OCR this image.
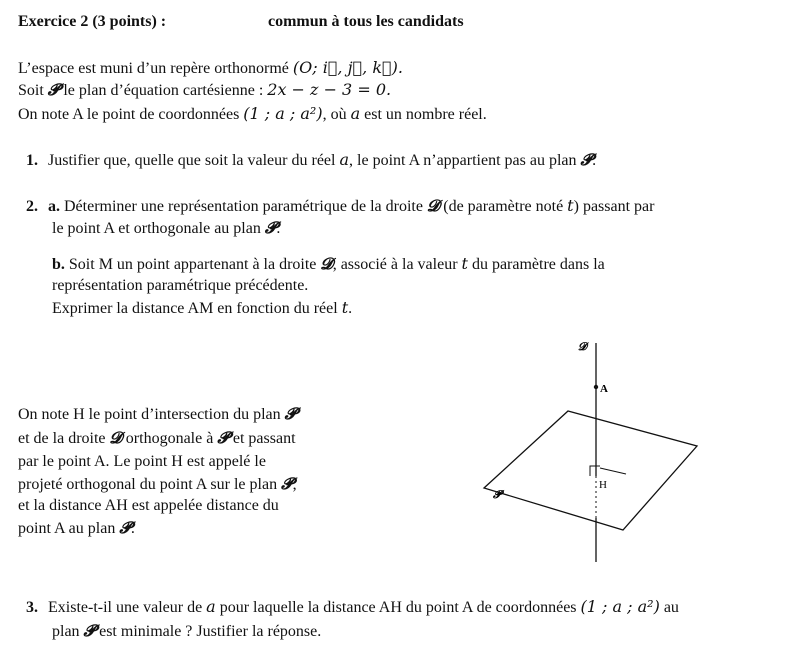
Exercice 2 (3 points) :	commun à tous les candidats
L’espace est muni d’un repère orthonormé (O; i⃗, j⃗, k⃗).
Soit 𝓟 le plan d’équation cartésienne : 2x − z − 3 = 0.
On note A le point de coordonnées (1 ; a ; a²), où a est un nombre réel.
1. Justifier que, quelle que soit la valeur du réel a, le point A n’appartient pas au plan 𝓟.
2. a. Déterminer une représentation paramétrique de la droite 𝓓 (de paramètre noté t) passant par
le point A et orthogonale au plan 𝓟.
b. Soit M un point appartenant à la droite 𝓓, associé à la valeur t du paramètre dans la
représentation paramétrique précédente.
Exprimer la distance AM en fonction du réel t.
On note H le point d’intersection du plan 𝓟
et de la droite 𝓓 orthogonale à 𝓟 et passant
par le point A. Le point H est appelé le
projeté orthogonal du point A sur le plan 𝓟,
et la distance AH est appelée distance du
point A au plan 𝓟.
𝓓
A
H
𝓟
3. Existe-t-il une valeur de a pour laquelle la distance AH du point A de coordonnées (1 ; a ; a²) au
plan 𝓟 est minimale ? Justifier la réponse.
